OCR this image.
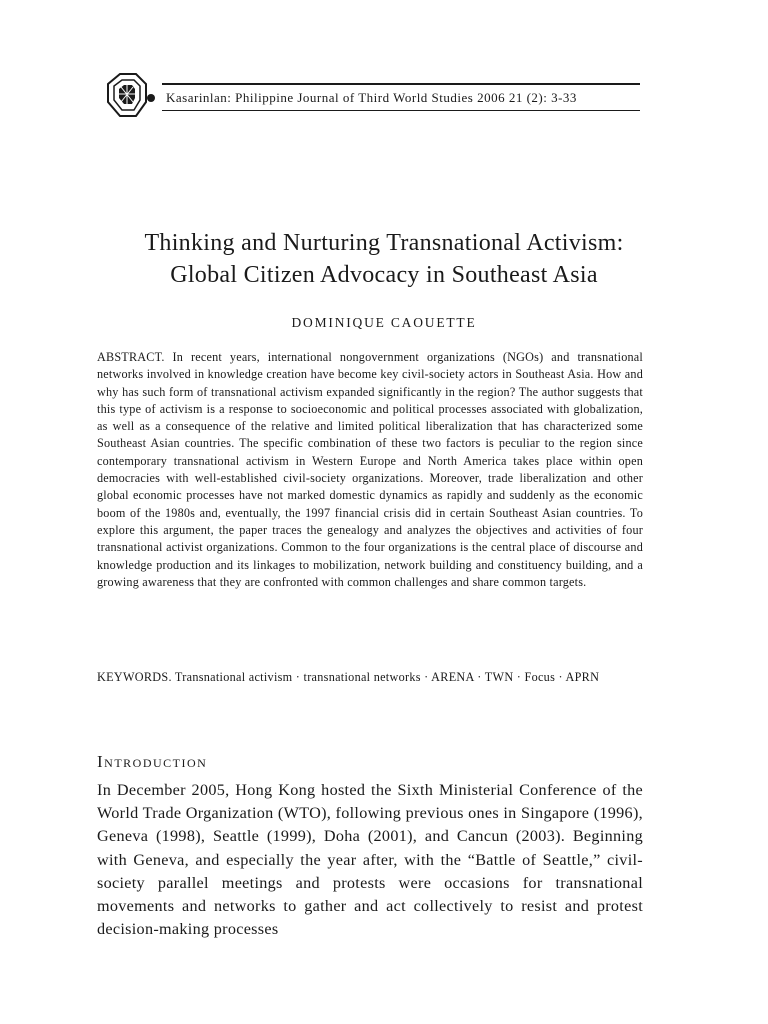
Kasarinlan: Philippine Journal of Third World Studies 2006 21 (2): 3-33
Thinking and Nurturing Transnational Activism:
Global Citizen Advocacy in Southeast Asia
DOMINIQUE CAOUETTE
ABSTRACT. In recent years, international nongovernment organizations (NGOs) and transnational networks involved in knowledge creation have become key civil-society actors in Southeast Asia. How and why has such form of transnational activism expanded significantly in the region? The author suggests that this type of activism is a response to socioeconomic and political processes associated with globalization, as well as a consequence of the relative and limited political liberalization that has characterized some Southeast Asian countries. The specific combination of these two factors is peculiar to the region since contemporary transnational activism in Western Europe and North America takes place within open democracies with well-established civil-society organizations. Moreover, trade liberalization and other global economic processes have not marked domestic dynamics as rapidly and suddenly as the economic boom of the 1980s and, eventually, the 1997 financial crisis did in certain Southeast Asian countries. To explore this argument, the paper traces the genealogy and analyzes the objectives and activities of four transnational activist organizations. Common to the four organizations is the central place of discourse and knowledge production and its linkages to mobilization, network building and constituency building, and a growing awareness that they are confronted with common challenges and share common targets.
KEYWORDS. Transnational activism · transnational networks · ARENA · TWN · Focus · APRN
Introduction
In December 2005, Hong Kong hosted the Sixth Ministerial Conference of the World Trade Organization (WTO), following previous ones in Singapore (1996), Geneva (1998), Seattle (1999), Doha (2001), and Cancun (2003). Beginning with Geneva, and especially the year after, with the “Battle of Seattle,” civil-society parallel meetings and protests were occasions for transnational movements and networks to gather and act collectively to resist and protest decision-making processes
